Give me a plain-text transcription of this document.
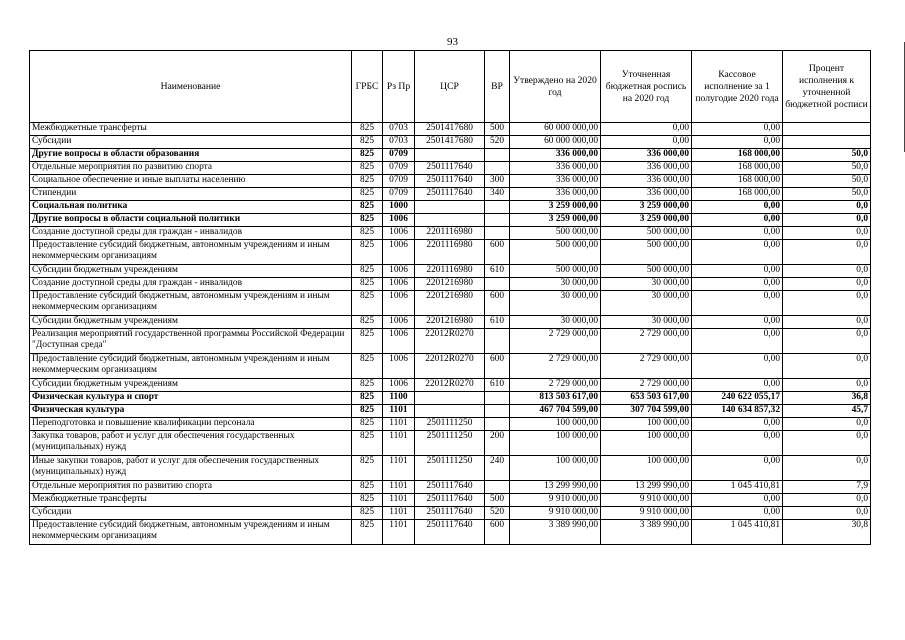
93
Наименование	ГРБС	Рз Пр	ЦСР	ВР	Утверждено на 2020 год	Уточненная бюджетная роспись на 2020 год	Кассовое исполнение за 1 полугодие 2020 года	Процент исполнения к уточненной бюджетной росписи
Межбюджетные трансферты	825	0703	2501417680	500	60 000 000,00	0,00	0,00	
Субсидии	825	0703	2501417680	520	60 000 000,00	0,00	0,00	
Другие вопросы в области образования	825	0709			336 000,00	336 000,00	168 000,00	50,0
Отдельные мероприятия по развитию спорта	825	0709	2501117640		336 000,00	336 000,00	168 000,00	50,0
Социальное обеспечение и иные выплаты населению	825	0709	2501117640	300	336 000,00	336 000,00	168 000,00	50,0
Стипендии	825	0709	2501117640	340	336 000,00	336 000,00	168 000,00	50,0
Социальная политика	825	1000			3 259 000,00	3 259 000,00	0,00	0,0
Другие вопросы в области социальной политики	825	1006			3 259 000,00	3 259 000,00	0,00	0,0
Создание доступной среды для граждан - инвалидов	825	1006	2201116980		500 000,00	500 000,00	0,00	0,0
Предоставление субсидий бюджетным, автономным учреждениям и иным некоммерческим организациям	825	1006	2201116980	600	500 000,00	500 000,00	0,00	0,0
Субсидии бюджетным учреждениям	825	1006	2201116980	610	500 000,00	500 000,00	0,00	0,0
Создание доступной среды для граждан - инвалидов	825	1006	2201216980		30 000,00	30 000,00	0,00	0,0
Предоставление субсидий бюджетным, автономным учреждениям и иным некоммерческим организациям	825	1006	2201216980	600	30 000,00	30 000,00	0,00	0,0
Субсидии бюджетным учреждениям	825	1006	2201216980	610	30 000,00	30 000,00	0,00	0,0
Реализация мероприятий государственной программы Российской Федерации "Доступная среда"	825	1006	22012R0270		2 729 000,00	2 729 000,00	0,00	0,0
Предоставление субсидий бюджетным, автономным учреждениям и иным некоммерческим организациям	825	1006	22012R0270	600	2 729 000,00	2 729 000,00	0,00	0,0
Субсидии бюджетным учреждениям	825	1006	22012R0270	610	2 729 000,00	2 729 000,00	0,00	0,0
Физическая культура и спорт	825	1100			813 503 617,00	653 503 617,00	240 622 055,17	36,8
Физическая культура	825	1101			467 704 599,00	307 704 599,00	140 634 857,32	45,7
Переподготовка и повышение квалификации персонала	825	1101	2501111250		100 000,00	100 000,00	0,00	0,0
Закупка товаров, работ и услуг для обеспечения государственных (муниципальных) нужд	825	1101	2501111250	200	100 000,00	100 000,00	0,00	0,0
Иные закупки товаров, работ и услуг для обеспечения государственных (муниципальных) нужд	825	1101	2501111250	240	100 000,00	100 000,00	0,00	0,0
Отдельные мероприятия по развитию спорта	825	1101	2501117640		13 299 990,00	13 299 990,00	1 045 410,81	7,9
Межбюджетные трансферты	825	1101	2501117640	500	9 910 000,00	9 910 000,00	0,00	0,0
Субсидии	825	1101	2501117640	520	9 910 000,00	9 910 000,00	0,00	0,0
Предоставление субсидий бюджетным, автономным учреждениям и иным некоммерческим организациям	825	1101	2501117640	600	3 389 990,00	3 389 990,00	1 045 410,81	30,8
